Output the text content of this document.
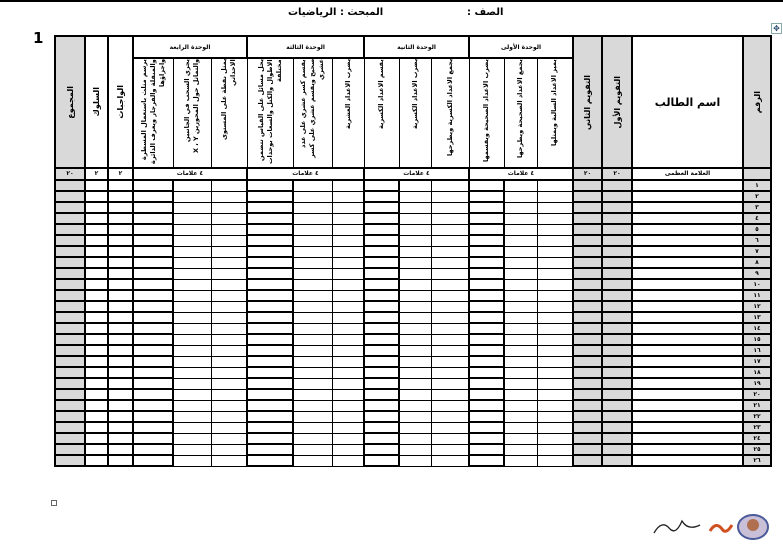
الصف :
المبحث : الرياضيات
1
✥
الرقم	اسم الطالب	التقويم الأول	التقويم الثاني	الوحدة الأولى			الوحدة الثانية			الوحدة الثالثة			الوحدة الرابعة			الواجبات	السلوك	المجموع

				يميز الاعداد السالبة ويمثلها	يجمع الاعداد الصحيحة ويطرحها	يضرب الاعداد الصحيحة ويقسمها	يجمع الاعداد الكسرية ويطرحها	يضرب الاعداد الكسرية	يقسم الاعداد الكسرية	يضرب الاعداد العشرية	يقسم كسر عشري على عدد صحيح ويقسم عشري على كسر عشري	يحل مسائل على القياس تتضمن الاطوال والكتل والسعات بوحدات مختلفة	يمثل نقطة على المستوى الاحداثي	يجري السحب في الجانبين والتماثل حول المحورين X ، Y	يرسم مثلث باستعمال المسطرة والمنقلة والفرجار ويعرف الدائرة واجزاؤها			

	العلامة العظمى	٢٠	٢٠	٤ علامات			٤ علامات			٤ علامات			٤ علامات			٢	٢	٢٠
١																		
٢																		
٣																		
٤																		
٥																		
٦																		
٧																		
٨																		
٩																		
١٠																		
١١																		
١٢																		
١٣																		
١٤																		
١٥																		
١٦																		
١٧																		
١٨																		
١٩																		
٢٠																		
٢١																		
٢٢																		
٢٣																		
٢٤																		
٢٥																		
٢٦																		
